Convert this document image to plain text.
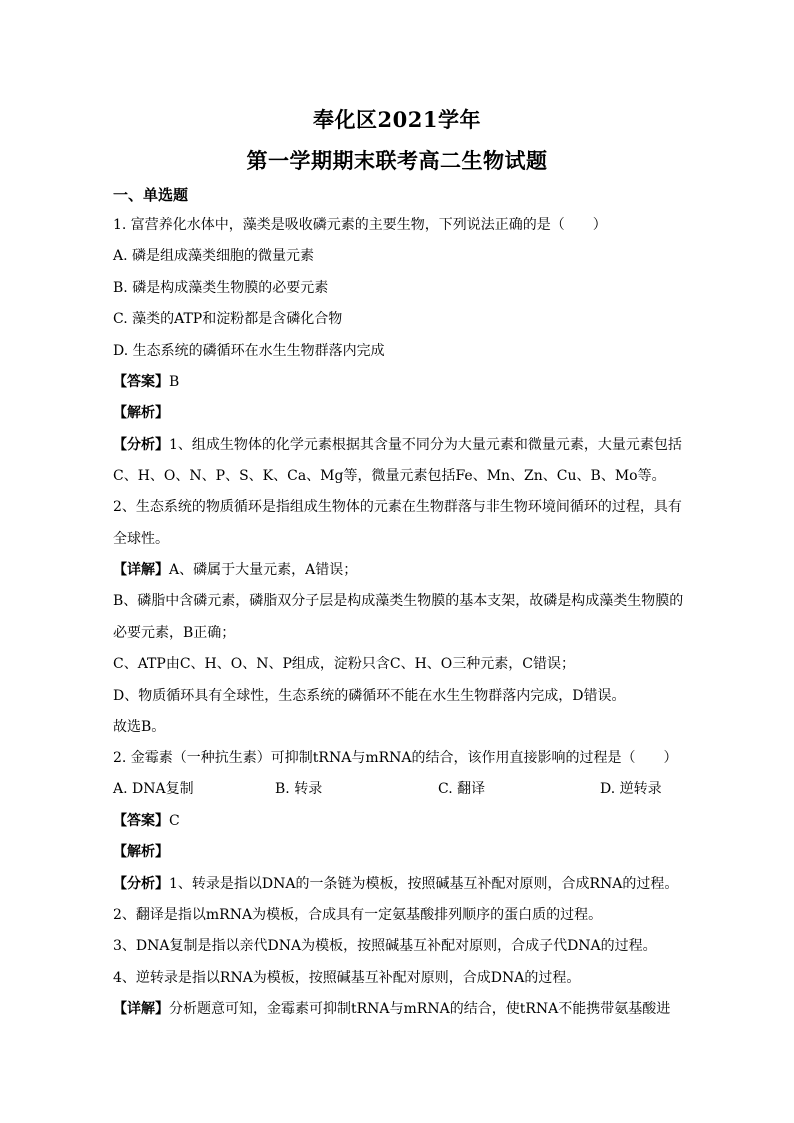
奉化区2021学年
第一学期期末联考高二生物试题
一、单选题
1. 富营养化水体中，藻类是吸收磷元素的主要生物，下列说法正确的是（　　）
A. 磷是组成藻类细胞的微量元素
B. 磷是构成藻类生物膜的必要元素
C. 藻类的ATP和淀粉都是含磷化合物
D. 生态系统的磷循环在水生生物群落内完成
【答案】B
【解析】
【分析】1、组成生物体的化学元素根据其含量不同分为大量元素和微量元素，大量元素包括
C、H、O、N、P、S、K、Ca、Mg等，微量元素包括Fe、Mn、Zn、Cu、B、Mo等。
2、生态系统的物质循环是指组成生物体的元素在生物群落与非生物环境间循环的过程，具有
全球性。
【详解】A、磷属于大量元素，A错误；
B、磷脂中含磷元素，磷脂双分子层是构成藻类生物膜的基本支架，故磷是构成藻类生物膜的
必要元素，B正确；
C、ATP由C、H、O、N、P组成，淀粉只含C、H、O三种元素，C错误；
D、物质循环具有全球性，生态系统的磷循环不能在水生生物群落内完成，D错误。
故选B。
2. 金霉素（一种抗生素）可抑制tRNA与mRNA的结合，该作用直接影响的过程是（　　）
A. DNA复制	B. 转录	C. 翻译	D. 逆转录
【答案】C
【解析】
【分析】1、转录是指以DNA的一条链为模板，按照碱基互补配对原则，合成RNA的过程。
2、翻译是指以mRNA为模板，合成具有一定氨基酸排列顺序的蛋白质的过程。
3、DNA复制是指以亲代DNA为模板，按照碱基互补配对原则，合成子代DNA的过程。
4、逆转录是指以RNA为模板，按照碱基互补配对原则，合成DNA的过程。
【详解】分析题意可知，金霉素可抑制tRNA与mRNA的结合，使tRNA不能携带氨基酸进
